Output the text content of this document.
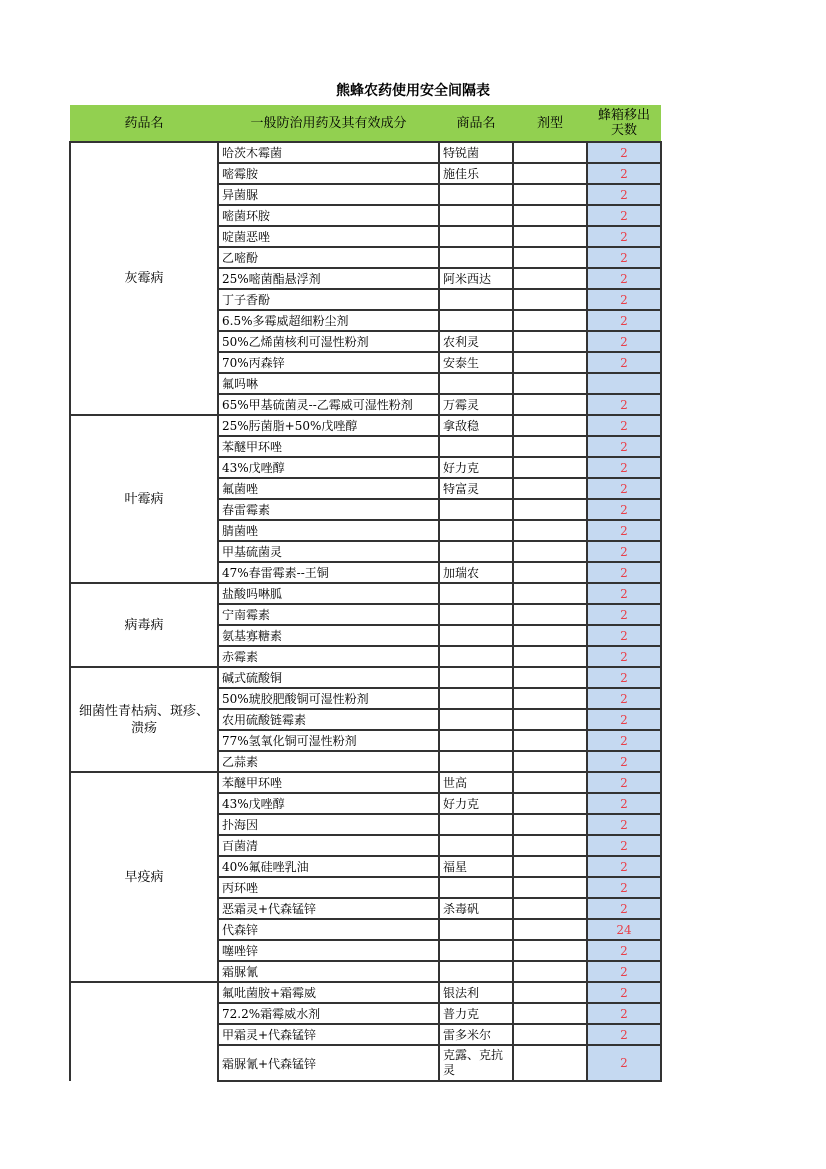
熊蜂农药使用安全间隔表
药品名	一般防治用药及其有效成分	商品名	剂型	蜂箱移出
天数
灰霉病	哈茨木霉菌	特锐菌		2
	嘧霉胺	施佳乐		2
	异菌脲			2
	嘧菌环胺			2
	啶菌恶唑			2
	乙嘧酚			2
	25%嘧菌酯悬浮剂	阿米西达		2
	丁子香酚			2
	6.5%多霉威超细粉尘剂			2
	50%乙烯菌核利可湿性粉剂	农利灵		2
	70%丙森锌	安泰生		2
	氟吗啉			
	65%甲基硫菌灵--乙霉威可湿性粉剂	万霉灵		2
叶霉病	25%肟菌脂+50%戊唑醇	拿敌稳		2
	苯醚甲环唑			2
	43%戊唑醇	好力克		2
	氟菌唑	特富灵		2
	春雷霉素			2
	腈菌唑			2
	甲基硫菌灵			2
	47%春雷霉素--王铜	加瑞农		2
病毒病	盐酸吗啉胍			2
	宁南霉素			2
	氨基寡糖素			2
	赤霉素			2
细菌性青枯病、斑疹、溃疡	碱式硫酸铜			2
	50%琥胶肥酸铜可湿性粉剂			2
	农用硫酸链霉素			2
	77%氢氧化铜可湿性粉剂			2
	乙蒜素			2
早疫病	苯醚甲环唑	世高		2
	43%戊唑醇	好力克		2
	扑海因			2
	百菌清			2
	40%氟硅唑乳油	福星		2
	丙环唑			2
	恶霜灵+代森锰锌	杀毒矾		2
	代森锌			24
	噻唑锌			2
	霜脲氰			2
	氟吡菌胺+霜霉威	银法利		2
	72.2%霜霉威水剂	普力克		2
	甲霜灵+代森锰锌	雷多米尔		2
	霜脲氰+代森锰锌	克露、克抗灵		2
